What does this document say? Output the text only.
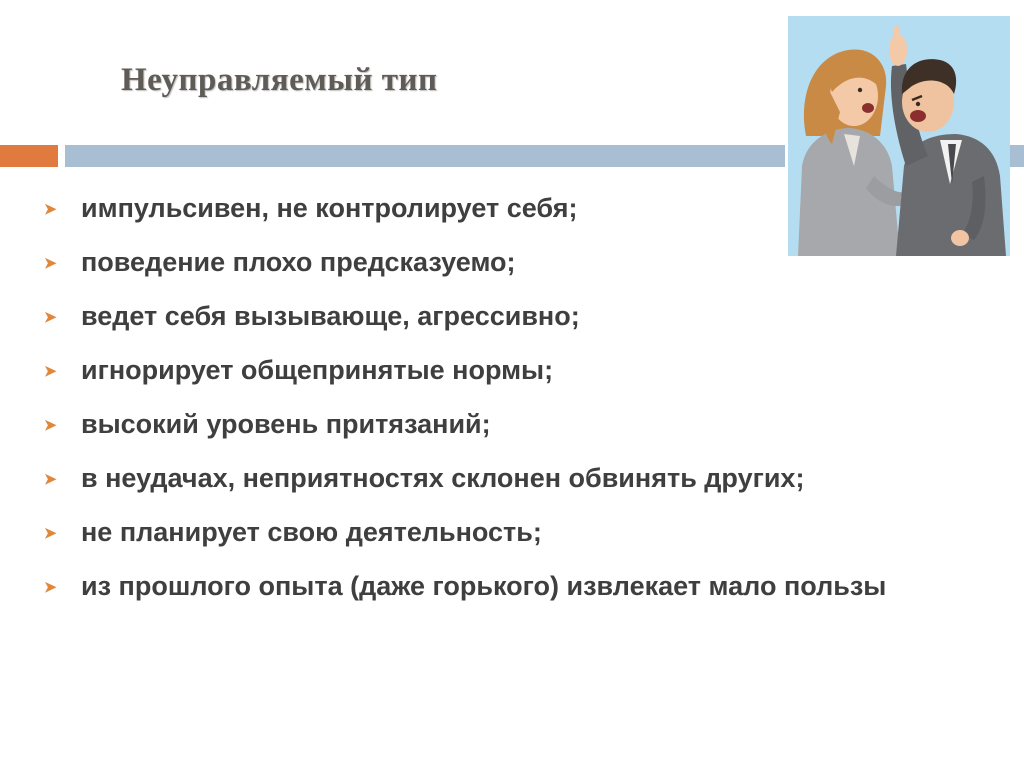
Неуправляемый тип
➤ импульсивен, не контролирует себя;
➤ поведение плохо предсказуемо;
➤ ведет себя вызывающе, агрессивно;
➤ игнорирует общепринятые нормы;
➤ высокий уровень притязаний;
➤ в неудачах, неприятностях склонен обвинять других;
➤ не планирует свою деятельность;
➤ из прошлого опыта (даже горького) извлекает мало пользы
